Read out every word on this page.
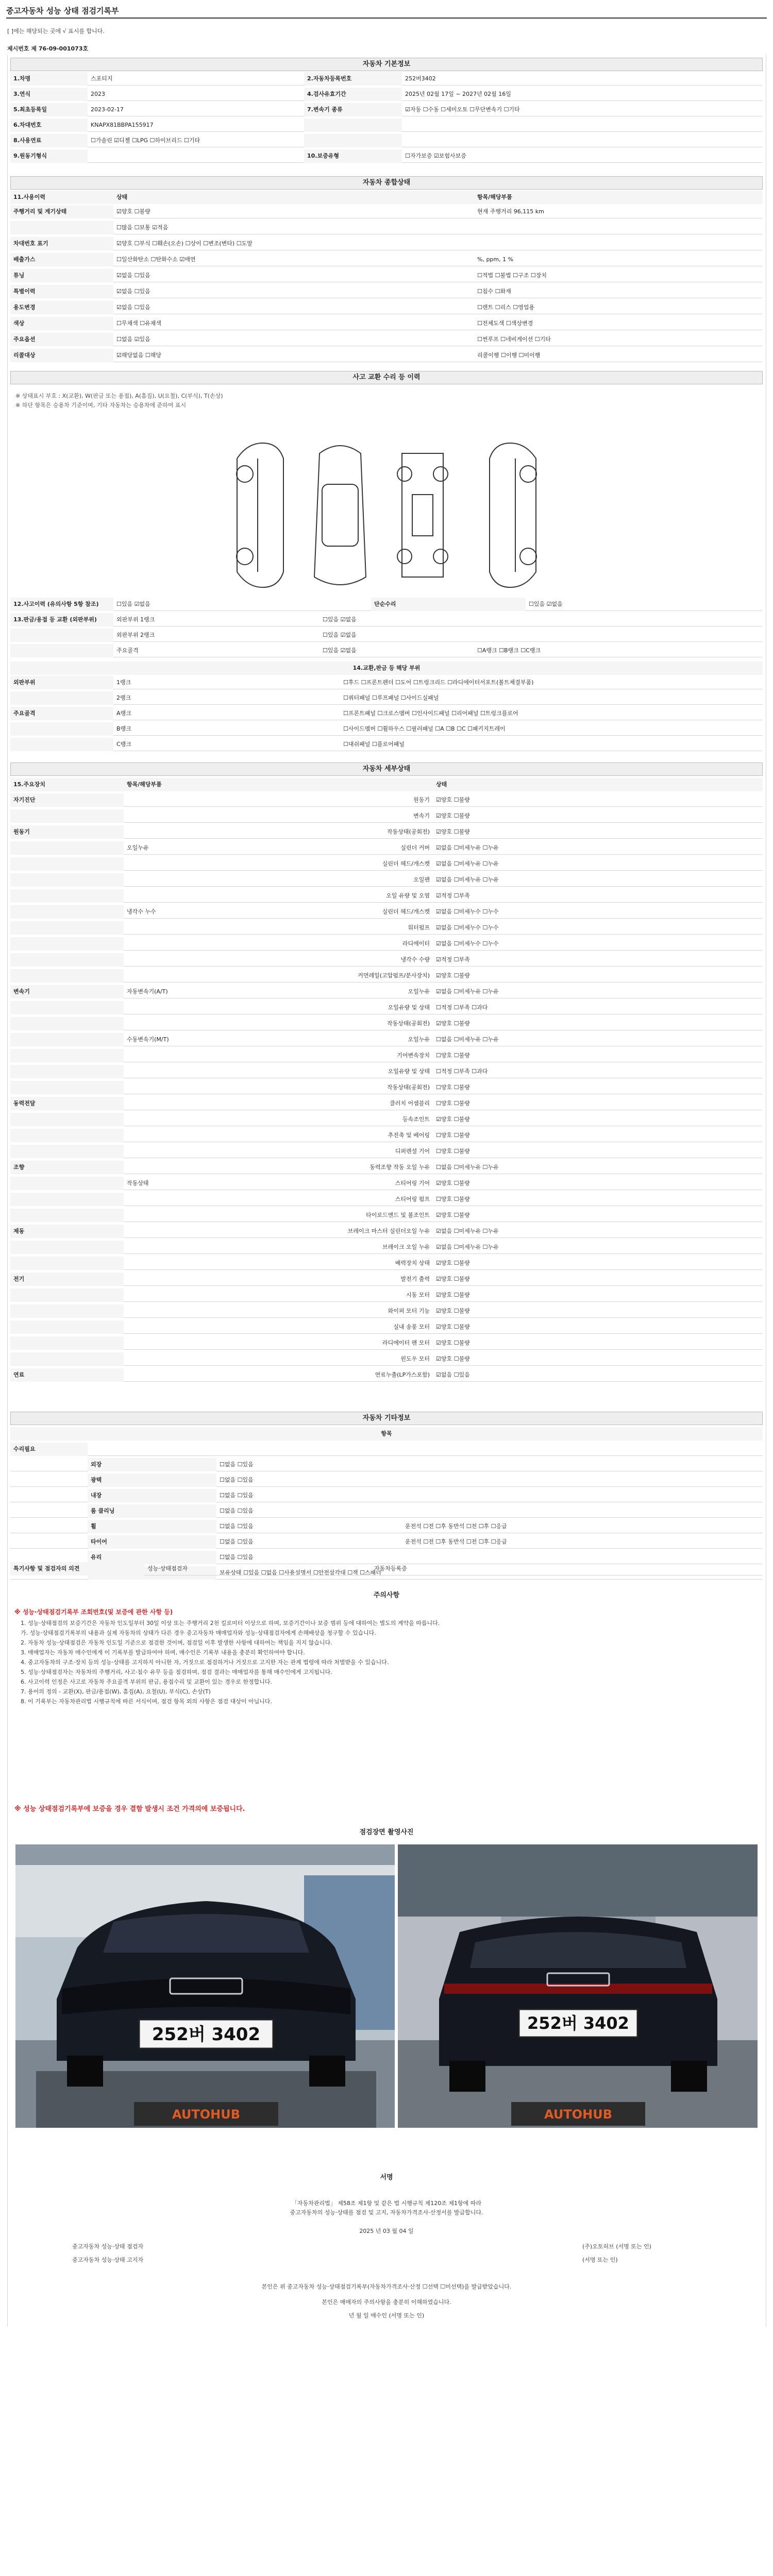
중고자동차 성능 상태 점검기록부
[ ]에는 해당되는 곳에 √ 표시를 합니다.
제시번호 제 76-09-001073호
자동차 기본정보
1.차명	스포티지	2.자동차등록번호	252버3402
3.연식	2023	4.검사유효기간	2025년 02월 17일 ~ 2027년 02월 16일
5.최초등록일	2023-02-17	7.변속기 종류	☑자동 ☐수동 ☐세미오토 ☐무단변속기 ☐기타
6.차대번호	KNAPX81BBPA155917
8.사용연료	☐가솔린 ☑디젤 ☐LPG ☐하이브리드 ☐기타
9.원동기형식	10.보증유형	☐자가보증 ☑보험사보증
자동차 종합상태
11.사용이력	상태	항목/해당부품
주행거리 및 계기상태	☑양호 ☐불량	현재 주행거리 96,115 km
☐많음 ☐보통 ☑적음
차대번호 표기	☑양호 ☐부식 ☐훼손(오손) ☐상이 ☐변조(변타) ☐도말
배출가스	☐일산화탄소 ☐탄화수소 ☑매연	%, ppm, 1 %
튜닝	☑없음 ☐있음	☐적법 ☐불법 ☐구조 ☐장치
특별이력	☑없음 ☐있음	☐침수 ☐화재
용도변경	☑없음 ☐있음	☐렌트 ☐리스 ☐영업용
색상	☐무채색 ☐유채색	☐전체도색 ☐색상변경
주요옵션	☐없음 ☑있음	☐썬루프 ☐네비게이션 ☐기타
리콜대상	☑해당없음 ☐해당	리콜이행 ☐이행 ☐미이행
사고 교환 수리 등 이력
※ 상태표시 부호 : X(교환), W(판금 또는 용접), A(흠집), U(요철), C(부식), T(손상)
※ 하단 항목은 승용차 기준이며, 기타 자동차는 승용차에 준하여 표시
12.사고이력 (유의사항 5항 참조)	☐있음 ☑없음	단순수리	☐있음 ☑없음
13.판금/용접 등 교환 (외판부위)	외판부위 1랭크	☐있음 ☑없음
외판부위 2랭크	☐있음 ☑없음
주요골격	☐있음 ☑없음	☐A랭크 ☐B랭크 ☐C랭크
14.교환,판금 등 해당 부위
외판부위	1랭크	☐후드 ☐프론트펜더 ☐도어 ☐트렁크리드 ☐라디에이터서포트(볼트체결부품)
2랭크	☐쿼터패널 ☐루프패널 ☐사이드실패널
주요골격	A랭크	☐프론트패널 ☐크로스멤버 ☐인사이드패널 ☐리어패널 ☐트렁크플로어
B랭크	☐사이드멤버 ☐휠하우스 ☐필러패널 ☐A ☐B ☐C ☐패키지트레이
C랭크	☐대쉬패널 ☐플로어패널
자동차 세부상태
15.주요장치	항목/해당부품	상태
자기진단	원동기	☑양호 ☐불량
변속기	☑양호 ☐불량
원동기	작동상태(공회전)	☑양호 ☐불량
오일누유	실린더 커버	☑없음 ☐미세누유 ☐누유
실린더 헤드/개스켓	☑없음 ☐미세누유 ☐누유
오일팬	☑없음 ☐미세누유 ☐누유
오일 유량 및 오염	☑적정 ☐부족
냉각수 누수	실린더 헤드/개스켓	☑없음 ☐미세누수 ☐누수
워터펌프	☑없음 ☐미세누수 ☐누수
라디에이터	☑없음 ☐미세누수 ☐누수
냉각수 수량	☑적정 ☐부족
커먼레일(고압펌프/분사장치)	☑양호 ☐불량
변속기	자동변속기(A/T)	오일누유	☑없음 ☐미세누유 ☐누유
오일유량 및 상태	☐적정 ☐부족 ☐과다
작동상태(공회전)	☑양호 ☐불량
수동변속기(M/T)	오일누유	☐없음 ☐미세누유 ☐누유
기어변속장치	☐양호 ☐불량
오일유량 및 상태	☐적정 ☐부족 ☐과다
작동상태(공회전)	☐양호 ☐불량
동력전달	클러치 어셈블리	☐양호 ☐불량
등속조인트	☑양호 ☐불량
추진축 및 베어링	☐양호 ☐불량
디퍼렌셜 기어	☐양호 ☐불량
조향	동력조향 작동 오일 누유	☐없음 ☐미세누유 ☐누유
작동상태	스티어링 기어	☑양호 ☐불량
스티어링 펌프	☐양호 ☐불량
타이로드엔드 및 볼조인트	☑양호 ☐불량
제동	브레이크 마스터 실린더오일 누유	☑없음 ☐미세누유 ☐누유
브레이크 오일 누유	☑없음 ☐미세누유 ☐누유
배력장치 상태	☑양호 ☐불량
전기	발전기 출력	☑양호 ☐불량
시동 모터	☑양호 ☐불량
와이퍼 모터 기능	☑양호 ☐불량
실내 송풍 모터	☑양호 ☐불량
라디에이터 팬 모터	☑양호 ☐불량
윈도우 모터	☑양호 ☐불량
연료	연료누출(LP가스포함)	☑없음 ☐있음
자동차 기타정보
항목
수리필요
외장	☐없음 ☐있음
광택	☐없음 ☐있음
내장	☐없음 ☐있음
룸 클리닝	☐없음 ☐있음
휠	☐없음 ☐있음	운전석 ☐전 ☐후 동반석 ☐전 ☐후 ☐응급
타이어	☐없음 ☐있음	운전석 ☐전 ☐후 동반석 ☐전 ☐후 ☐응급
유리	☐없음 ☐있음
보유상태 ☐있음 ☐없음 ☐사용설명서 ☐안전삼각대 ☐잭 ☐스패너
특기사항 및 점검자의 의견	성능·상태점검자	자동차등록증
주의사항
※ 성능·상태점검기록부 조회번호(및 보증에 관한 사항 등)

1. 성능·상태점검의 보증기간은 자동차 인도일부터 30일 이상 또는 주행거리 2천 킬로미터 이상으로 하며, 보증기간이나 보증 범위 등에 대하여는 별도의 계약을 따릅니다.

가. 성능·상태점검기록부의 내용과 실제 자동차의 상태가 다른 경우 중고자동차 매매업자와 성능·상태점검자에게 손해배상을 청구할 수 있습니다.

2. 자동차 성능·상태점검은 자동차 인도일 기준으로 점검한 것이며, 점검일 이후 발생한 사항에 대하여는 책임을 지지 않습니다.

3. 매매업자는 자동차 매수인에게 이 기록부를 발급하여야 하며, 매수인은 기록부 내용을 충분히 확인하여야 합니다.

4. 중고자동차의 구조·장치 등의 성능·상태를 고지하지 아니한 자, 거짓으로 점검하거나 거짓으로 고지한 자는 관계 법령에 따라 처벌받을 수 있습니다.

5. 성능·상태점검자는 자동차의 주행거리, 사고·침수 유무 등을 점검하며, 점검 결과는 매매업자를 통해 매수인에게 고지됩니다.

6. 사고이력 인정은 사고로 자동차 주요골격 부위의 판금, 용접수리 및 교환이 있는 경우로 한정합니다.

7. 용어의 정의 - 교환(X), 판금/용접(W), 흠집(A), 요철(U), 부식(C), 손상(T)

8. 이 기록부는 자동차관리법 시행규칙에 따른 서식이며, 점검 항목 외의 사항은 점검 대상이 아닙니다.

※ 성능 상태점검기록부에 보증을 경우 결함 발생시 조건 가격의에 보증됩니다.
점검장면 촬영사진
252버 3402
AUTOHUB
252버 3402
AUTOHUB
서명
「자동차관리법」 제58조 제1항 및 같은 법 시행규칙 제120조 제1항에 따라
중고자동차의 성능·상태를 점검 및 고지, 자동차가격조사·산정서를 발급합니다.
2025 년 03 월 04 일
중고자동차 성능·상태 점검자	(주)오토허브 (서명 또는 인)
중고자동차 성능·상태 고지자	(서명 또는 인)
본인은 위 중고자동차 성능·상태점검기록부(자동차가격조사·산정 ☐선택 ☐미선택)을 발급받았습니다.
본인은 매매자의 주의사항을 충분히 이해하였습니다.
년 월 일 매수인 (서명 또는 인)
